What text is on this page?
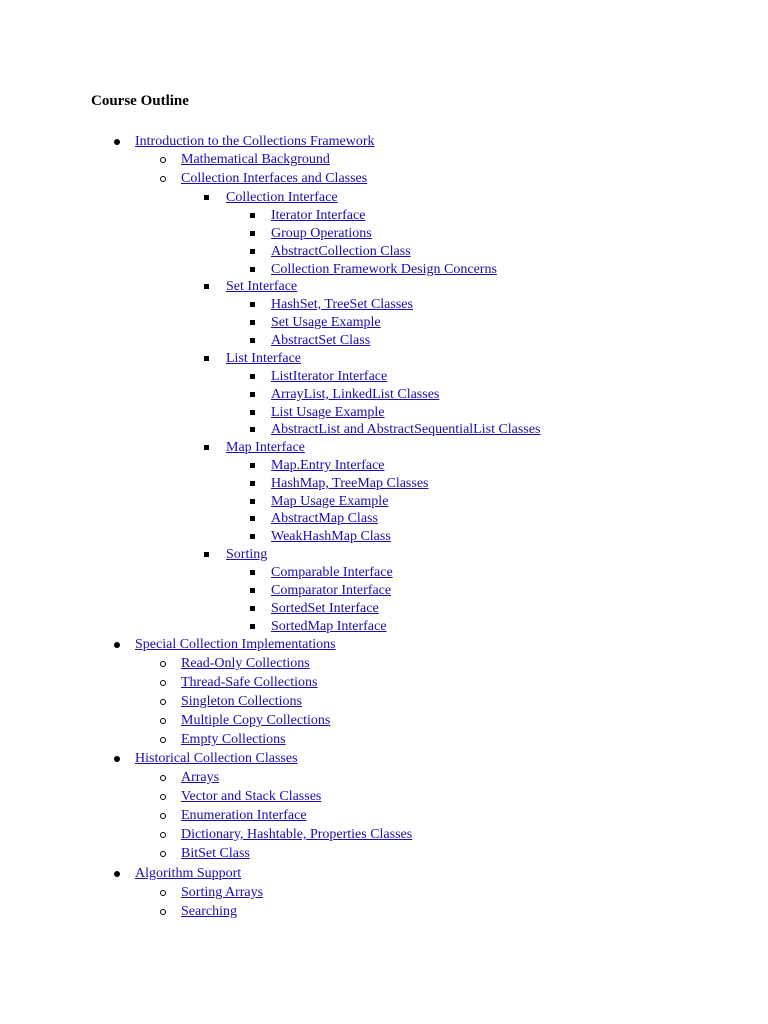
Course Outline
Introduction to the Collections Framework
Mathematical Background
Collection Interfaces and Classes
Collection Interface
Iterator Interface
Group Operations
AbstractCollection Class
Collection Framework Design Concerns
Set Interface
HashSet, TreeSet Classes
Set Usage Example
AbstractSet Class
List Interface
ListIterator Interface
ArrayList, LinkedList Classes
List Usage Example
AbstractList and AbstractSequentialList Classes
Map Interface
Map.Entry Interface
HashMap, TreeMap Classes
Map Usage Example
AbstractMap Class
WeakHashMap Class
Sorting
Comparable Interface
Comparator Interface
SortedSet Interface
SortedMap Interface
Special Collection Implementations
Read-Only Collections
Thread-Safe Collections
Singleton Collections
Multiple Copy Collections
Empty Collections
Historical Collection Classes
Arrays
Vector and Stack Classes
Enumeration Interface
Dictionary, Hashtable, Properties Classes
BitSet Class
Algorithm Support
Sorting Arrays
Searching
